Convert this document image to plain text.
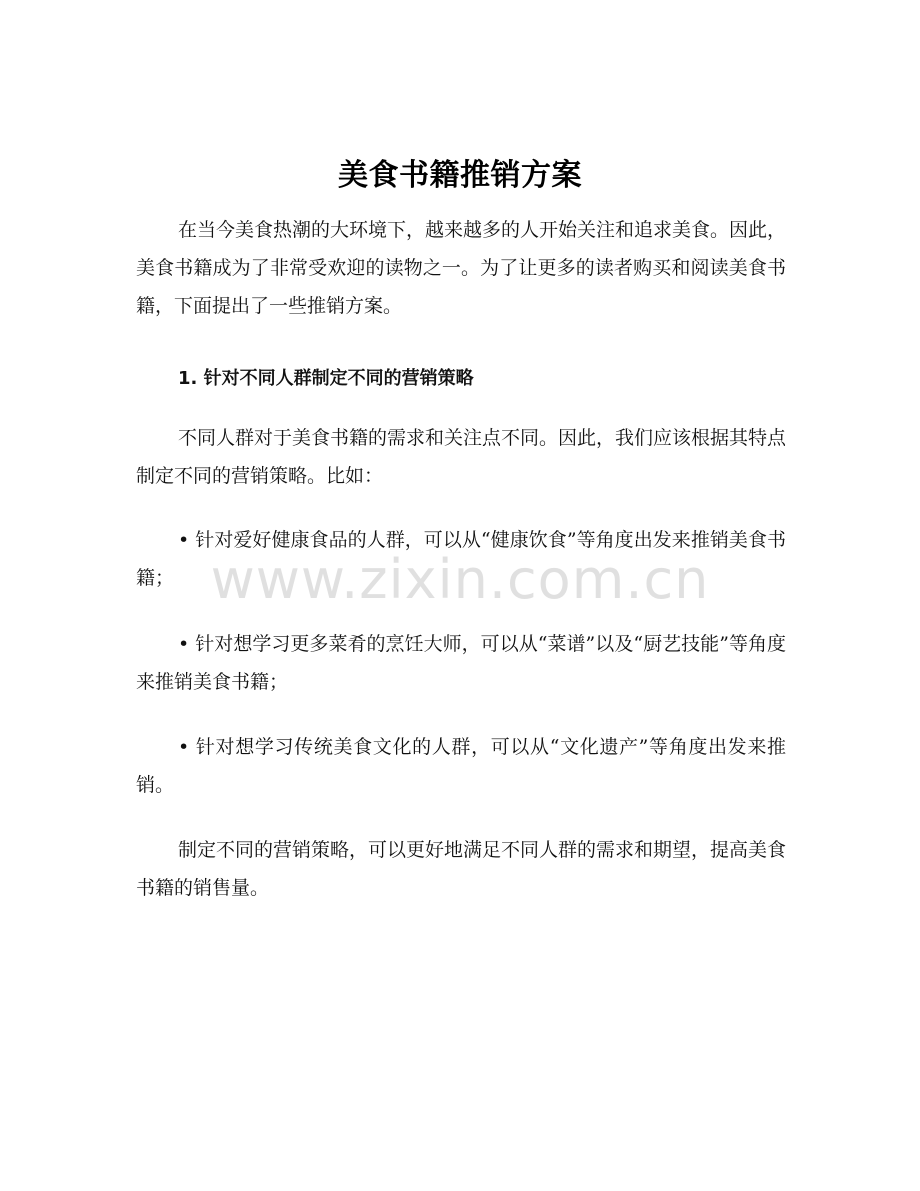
美食书籍推销方案

在当今美食热潮的大环境下，越来越多的人开始关注和追求美食。因此，美食书籍成为了非常受欢迎的读物之一。为了让更多的读者购买和阅读美食书籍，下面提出了一些推销方案。

1. 针对不同人群制定不同的营销策略

不同人群对于美食书籍的需求和关注点不同。因此，我们应该根据其特点制定不同的营销策略。比如：

• 针对爱好健康食品的人群，可以从“健康饮食”等角度出发来推销美食书籍；

• 针对想学习更多菜肴的烹饪大师，可以从“菜谱”以及“厨艺技能”等角度来推销美食书籍；

• 针对想学习传统美食文化的人群，可以从“文化遗产”等角度出发来推销。

制定不同的营销策略，可以更好地满足不同人群的需求和期望，提高美食书籍的销售量。

www.zixin.com.cn
